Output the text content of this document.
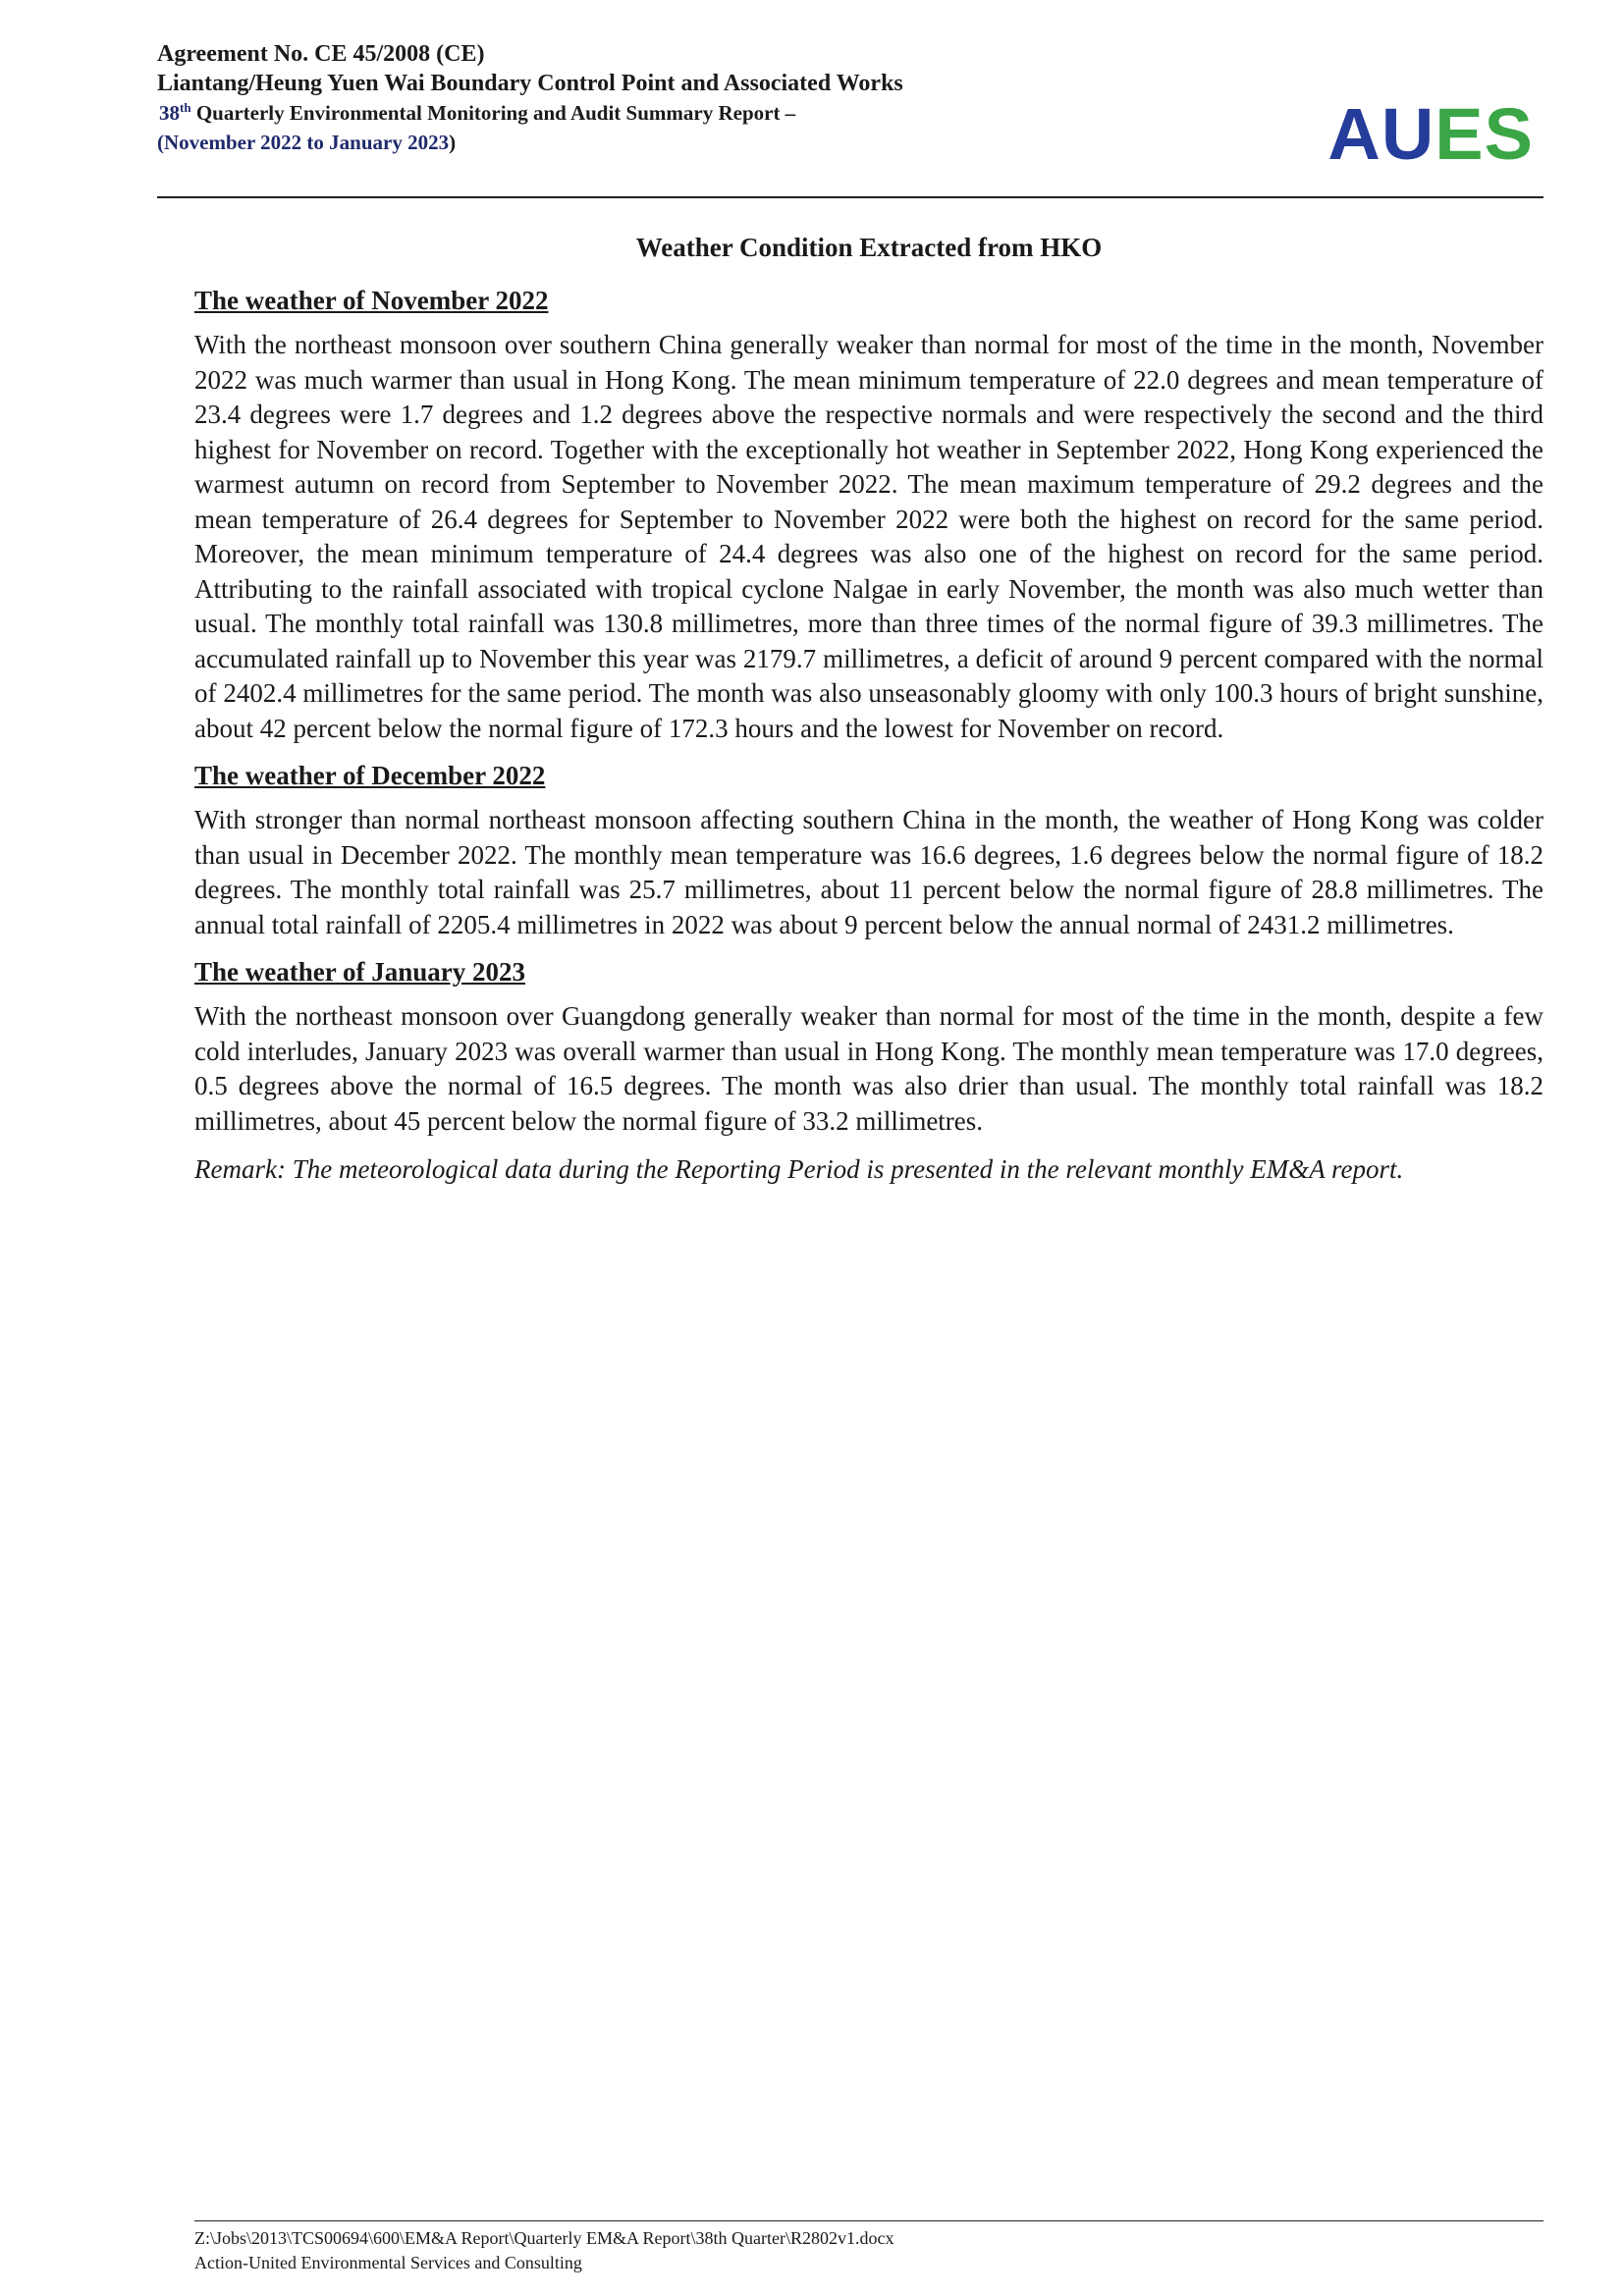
Agreement No. CE 45/2008 (CE)

Liantang/Heung Yuen Wai Boundary Control Point and Associated Works

38th Quarterly Environmental Monitoring and Audit Summary Report –

(November 2022 to January 2023)	AUES

Weather Condition Extracted from HKO

The weather of November 2022

With the northeast monsoon over southern China generally weaker than normal for most of the time in the month, November 2022 was much warmer than usual in Hong Kong. The mean minimum temperature of 22.0 degrees and mean temperature of 23.4 degrees were 1.7 degrees and 1.2 degrees above the respective normals and were respectively the second and the third highest for November on record. Together with the exceptionally hot weather in September 2022, Hong Kong experienced the warmest autumn on record from September to November 2022. The mean maximum temperature of 29.2 degrees and the mean temperature of 26.4 degrees for September to November 2022 were both the highest on record for the same period. Moreover, the mean minimum temperature of 24.4 degrees was also one of the highest on record for the same period. Attributing to the rainfall associated with tropical cyclone Nalgae in early November, the month was also much wetter than usual. The monthly total rainfall was 130.8 millimetres, more than three times of the normal figure of 39.3 millimetres. The accumulated rainfall up to November this year was 2179.7 millimetres, a deficit of around 9 percent compared with the normal of 2402.4 millimetres for the same period. The month was also unseasonably gloomy with only 100.3 hours of bright sunshine, about 42 percent below the normal figure of 172.3 hours and the lowest for November on record.

The weather of December 2022

With stronger than normal northeast monsoon affecting southern China in the month, the weather of Hong Kong was colder than usual in December 2022. The monthly mean temperature was 16.6 degrees, 1.6 degrees below the normal figure of 18.2 degrees. The monthly total rainfall was 25.7 millimetres, about 11 percent below the normal figure of 28.8 millimetres. The annual total rainfall of 2205.4 millimetres in 2022 was about 9 percent below the annual normal of 2431.2 millimetres.

The weather of January 2023

With the northeast monsoon over Guangdong generally weaker than normal for most of the time in the month, despite a few cold interludes, January 2023 was overall warmer than usual in Hong Kong. The monthly mean temperature was 17.0 degrees, 0.5 degrees above the normal of 16.5 degrees. The month was also drier than usual. The monthly total rainfall was 18.2 millimetres, about 45 percent below the normal figure of 33.2 millimetres.

Remark: The meteorological data during the Reporting Period is presented in the relevant monthly EM&A report.

Z:\Jobs\2013\TCS00694\600\EM&A Report\Quarterly EM&A Report\38th Quarter\R2802v1.docx

Action-United Environmental Services and Consulting
